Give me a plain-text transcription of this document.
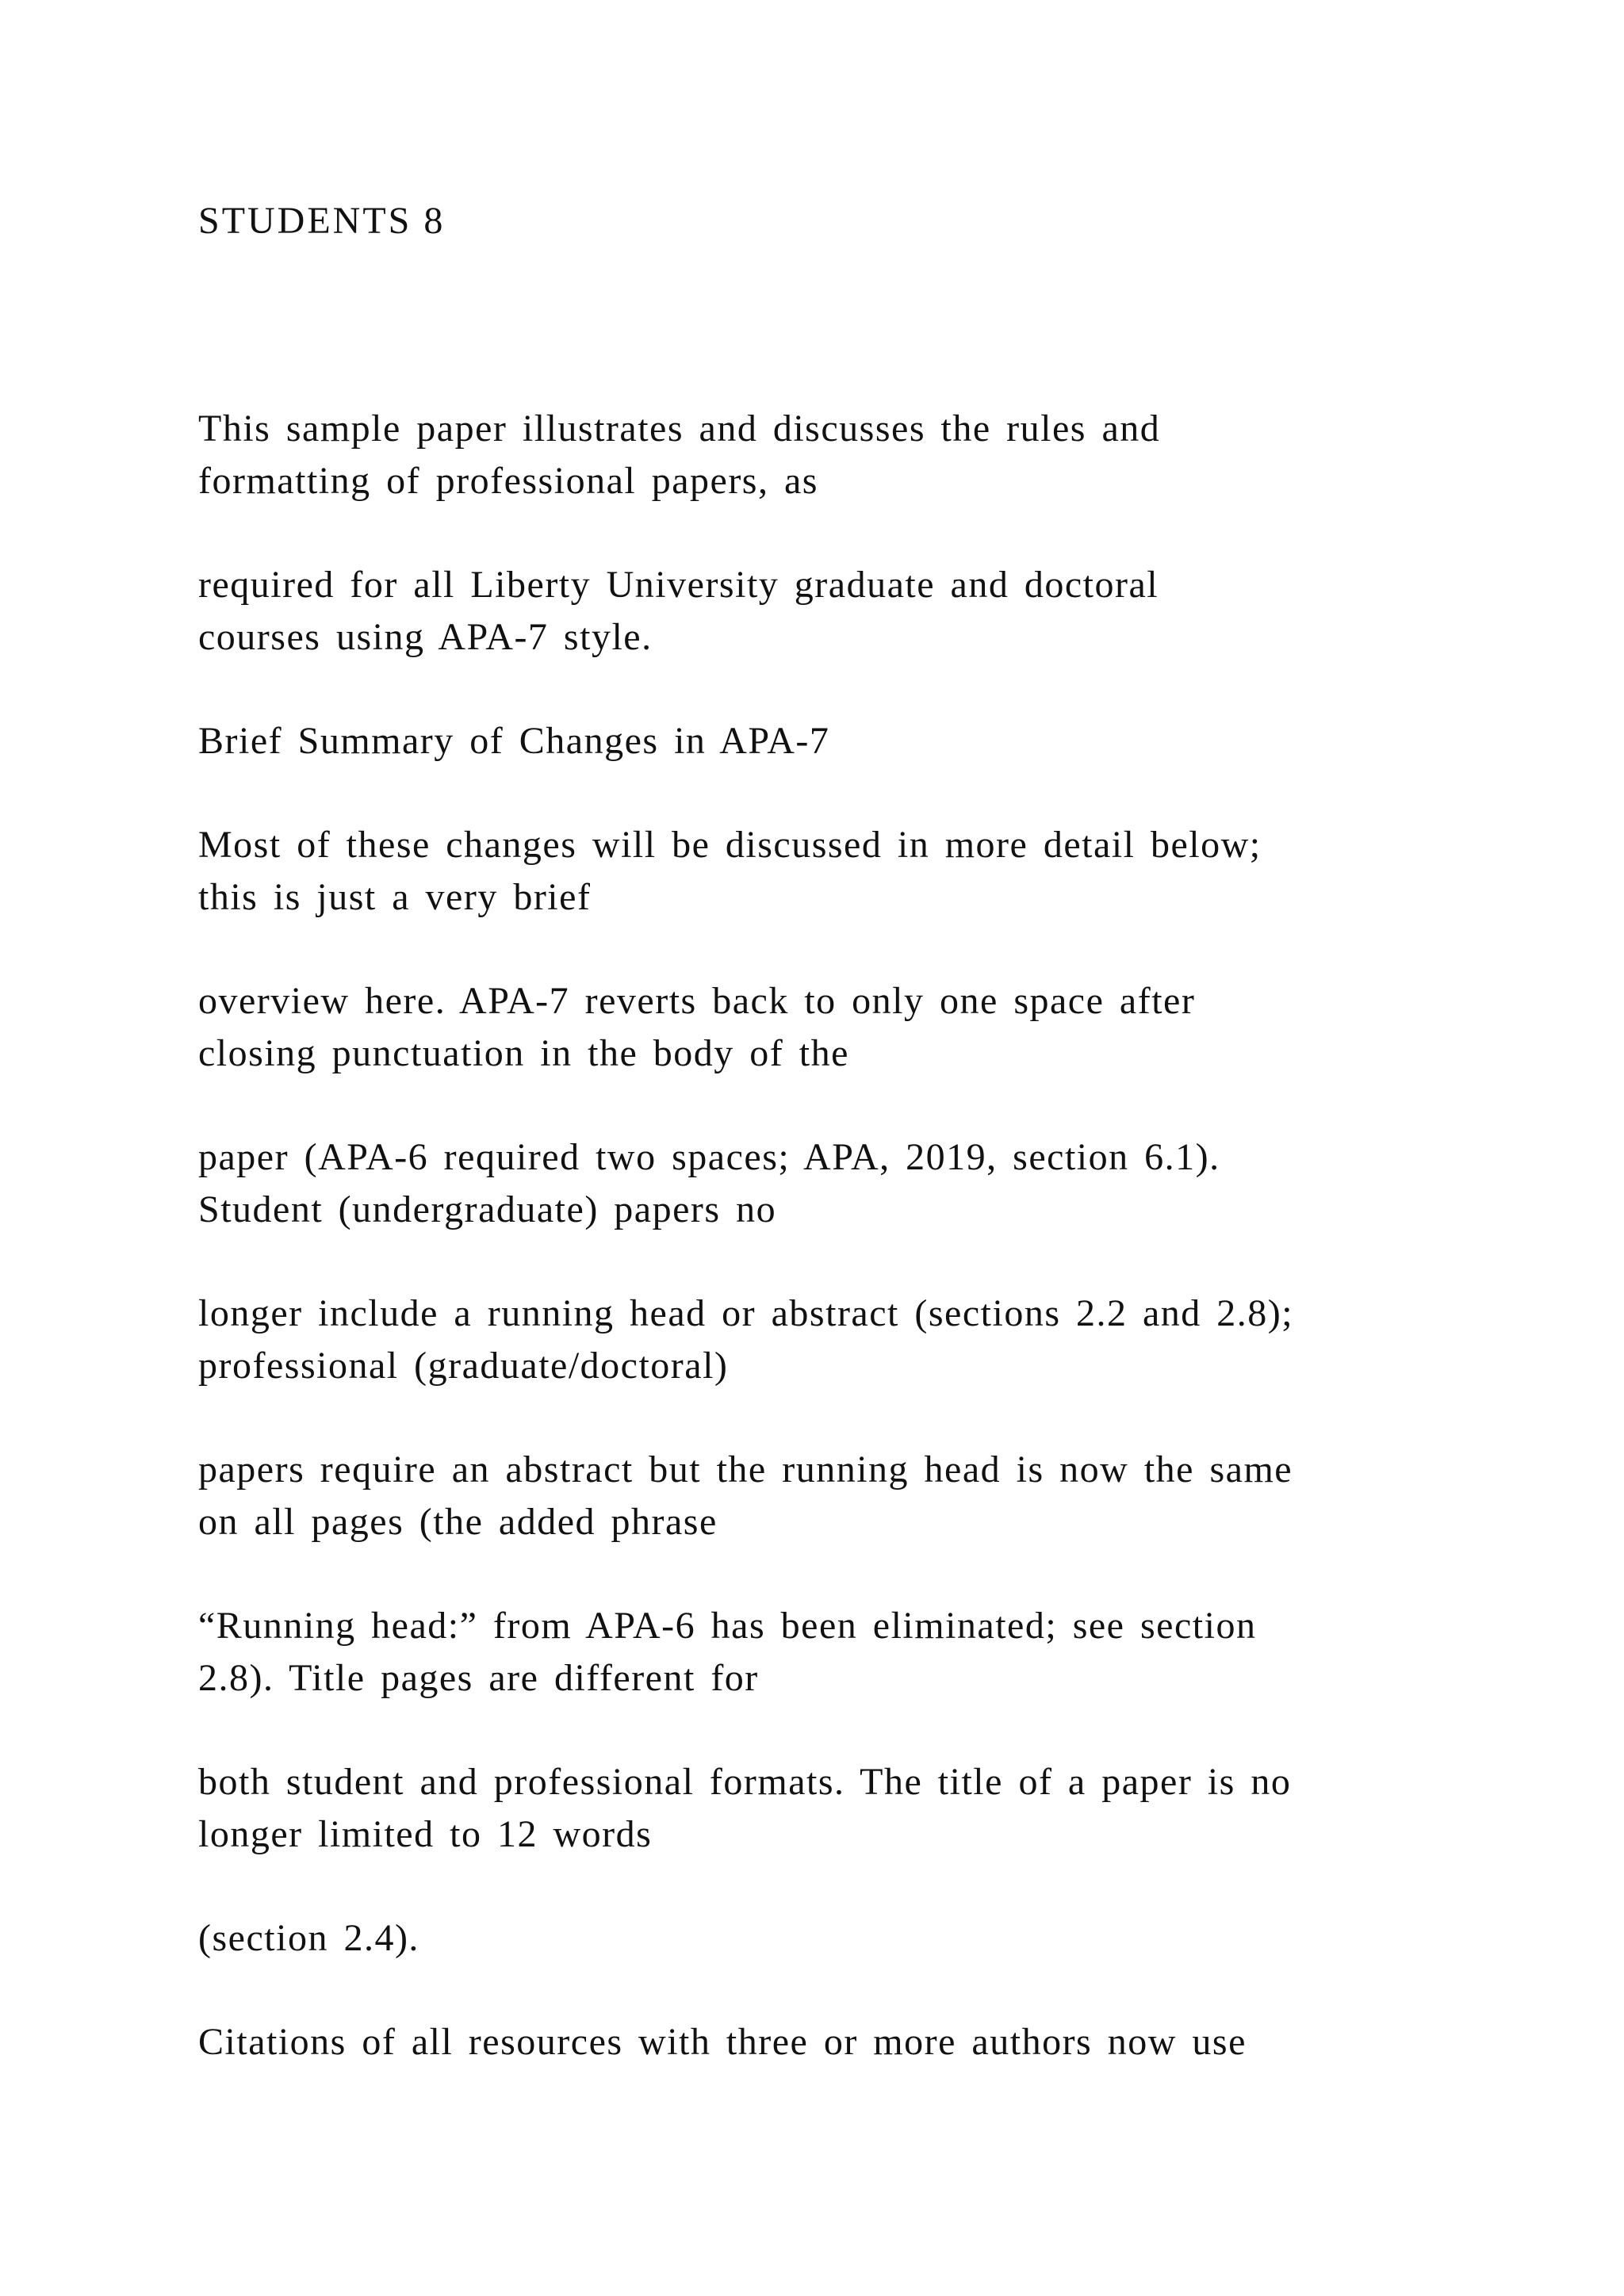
STUDENTS 8

This sample paper illustrates and discusses the rules and
formatting of professional papers, as

required for all Liberty University graduate and doctoral
courses using APA-7 style.

Brief Summary of Changes in APA-7

Most of these changes will be discussed in more detail below;
this is just a very brief

overview here. APA-7 reverts back to only one space after
closing punctuation in the body of the

paper (APA-6 required two spaces; APA, 2019, section 6.1).
Student (undergraduate) papers no

longer include a running head or abstract (sections 2.2 and 2.8);
professional (graduate/doctoral)

papers require an abstract but the running head is now the same
on all pages (the added phrase

“Running head:” from APA-6 has been eliminated; see section
2.8). Title pages are different for

both student and professional formats. The title of a paper is no
longer limited to 12 words

(section 2.4).

Citations of all resources with three or more authors now use
